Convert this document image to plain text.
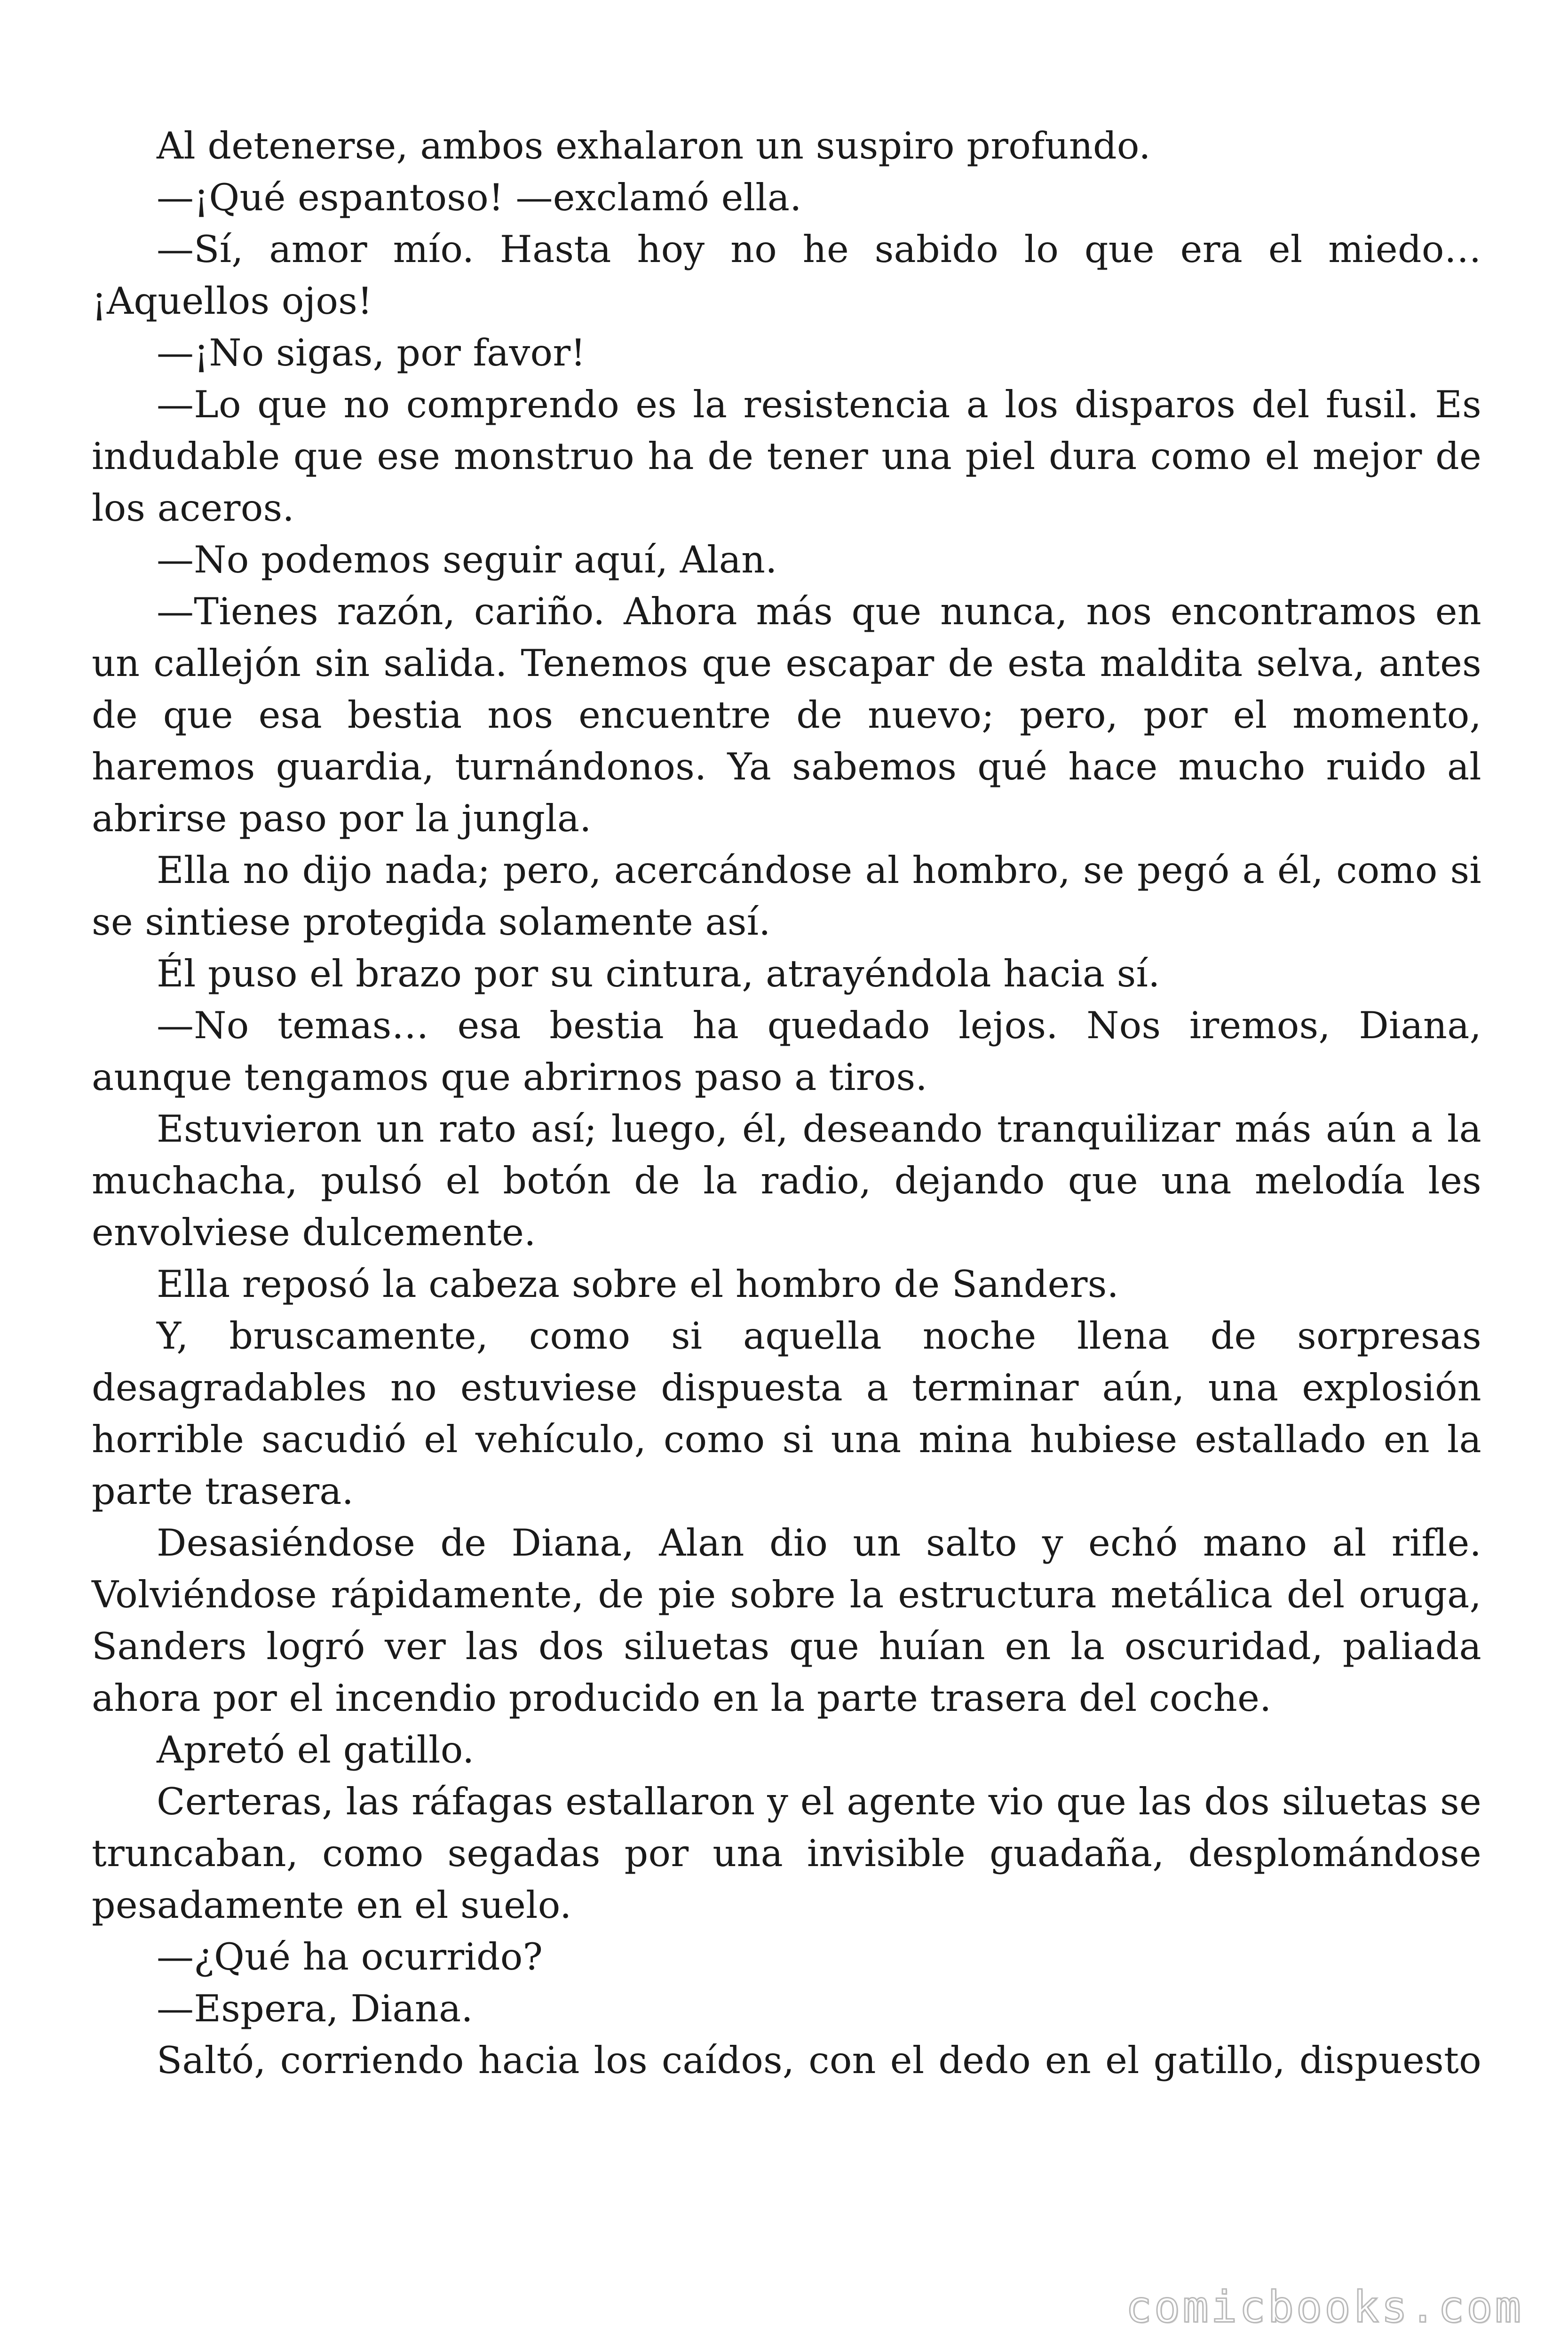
Al detenerse, ambos exhalaron un suspiro profundo.

—¡Qué espantoso! —exclamó ella.

—Sí, amor mío. Hasta hoy no he sabido lo que era el miedo… ¡Aquellos ojos!

—¡No sigas, por favor!

—Lo que no comprendo es la resistencia a los disparos del fusil. Es indudable que ese monstruo ha de tener una piel dura como el mejor de los aceros.

—No podemos seguir aquí, Alan.

—Tienes razón, cariño. Ahora más que nunca, nos encontramos en un callejón sin salida. Tenemos que escapar de esta maldita selva, antes de que esa bestia nos encuentre de nuevo; pero, por el momento, haremos guardia, turnándonos. Ya sabemos qué hace mucho ruido al abrirse paso por la jungla.

Ella no dijo nada; pero, acercándose al hombro, se pegó a él, como si se sintiese protegida solamente así.

Él puso el brazo por su cintura, atrayéndola hacia sí.

—No temas… esa bestia ha quedado lejos. Nos iremos, Diana, aunque tengamos que abrirnos paso a tiros.

Estuvieron un rato así; luego, él, deseando tranquilizar más aún a la muchacha, pulsó el botón de la radio, dejando que una melodía les envolviese dulcemente.

Ella reposó la cabeza sobre el hombro de Sanders.

Y, bruscamente, como si aquella noche llena de sorpresas desagradables no estuviese dispuesta a terminar aún, una explosión horrible sacudió el vehículo, como si una mina hubiese estallado en la parte trasera.

Desasiéndose de Diana, Alan dio un salto y echó mano al rifle. Volviéndose rápidamente, de pie sobre la estructura metálica del oruga, Sanders logró ver las dos siluetas que huían en la oscuridad, paliada ahora por el incendio producido en la parte trasera del coche.

Apretó el gatillo.

Certeras, las ráfagas estallaron y el agente vio que las dos siluetas se truncaban, como segadas por una invisible guadaña, desplomándose pesadamente en el suelo.

—¿Qué ha ocurrido?

—Espera, Diana.

Saltó, corriendo hacia los caídos, con el dedo en el gatillo, dispuesto

comicbooks.com
